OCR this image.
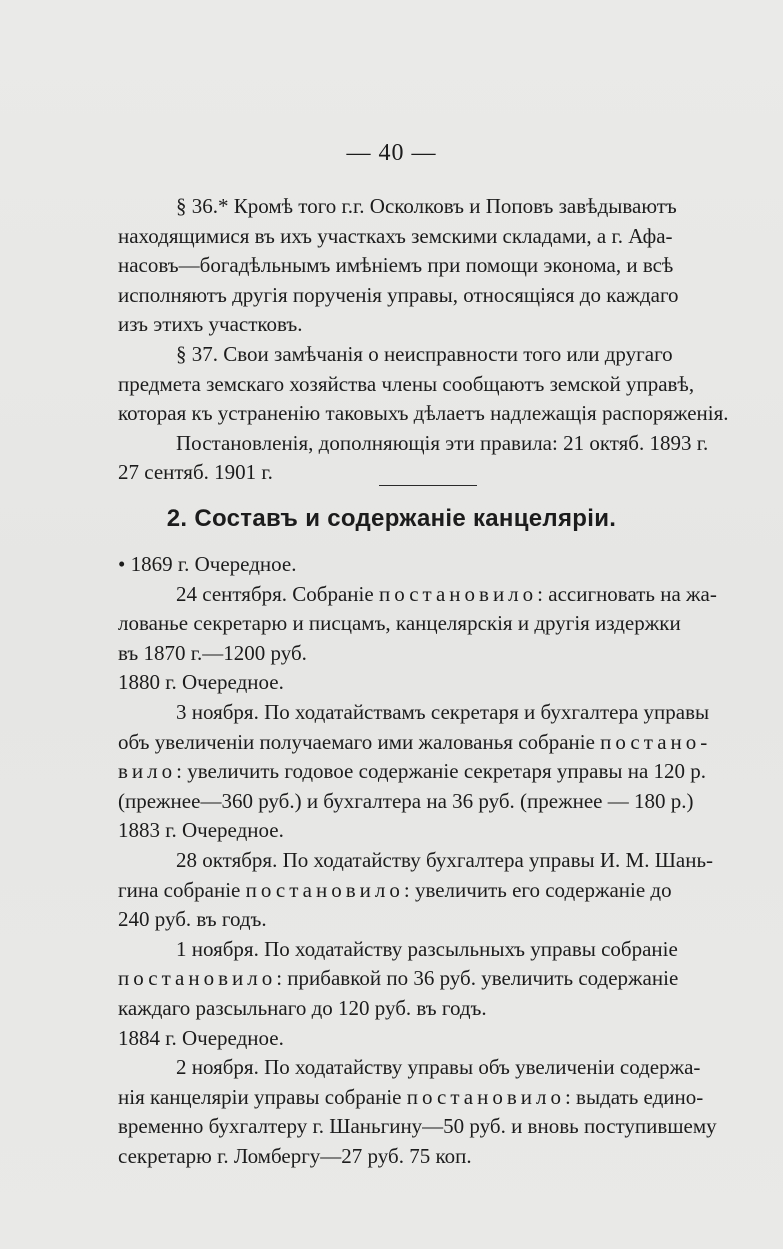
— 40 —

§ 36.* Кромѣ того г.г. Осколковъ и Поповъ завѣдываютъ

находящимися въ ихъ участкахъ земскими складами, а г. Афа-

насовъ—богадѣльнымъ имѣніемъ при помощи эконома, и всѣ

исполняютъ другія порученія управы, относящіяся до каждаго

изъ этихъ участковъ.

§ 37. Свои замѣчанія о неисправности того или другаго

предмета земскаго хозяйства члены сообщаютъ земской управѣ,

которая къ устраненію таковыхъ дѣлаетъ надлежащія распоряженія.

Постановленія, дополняющія эти правила: 21 октяб. 1893 г.

27 сентяб. 1901 г.

2. Составъ и содержаніе канцеляріи.

• 1869 г. Очередное.

24 сентября. Собраніе постановило: ассигновать на жа-

лованье секретарю и писцамъ, канцелярскія и другія издержки

въ 1870 г.—1200 руб.

1880 г. Очередное.

3 ноября. По ходатайствамъ секретаря и бухгалтера управы

объ увеличеніи получаемаго ими жалованья собраніе постано-

вило: увеличить годовое содержаніе секретаря управы на 120 р.

(прежнее—360 руб.) и бухгалтера на 36 руб. (прежнее — 180 р.)

1883 г. Очередное.

28 октября. По ходатайству бухгалтера управы И. М. Шань-

гина собраніе постановило: увеличить его содержаніе до

240 руб. въ годъ.

1 ноября. По ходатайству разсыльныхъ управы собраніе

постановило: прибавкой по 36 руб. увеличить содержаніе

каждаго разсыльнаго до 120 руб. въ годъ.

1884 г. Очередное.

2 ноября. По ходатайству управы объ увеличеніи содержа-

нія канцеляріи управы собраніе постановило: выдать едино-

временно бухгалтеру г. Шаньгину—50 руб. и вновь поступившему

секретарю г. Ломбергу—27 руб. 75 коп.
